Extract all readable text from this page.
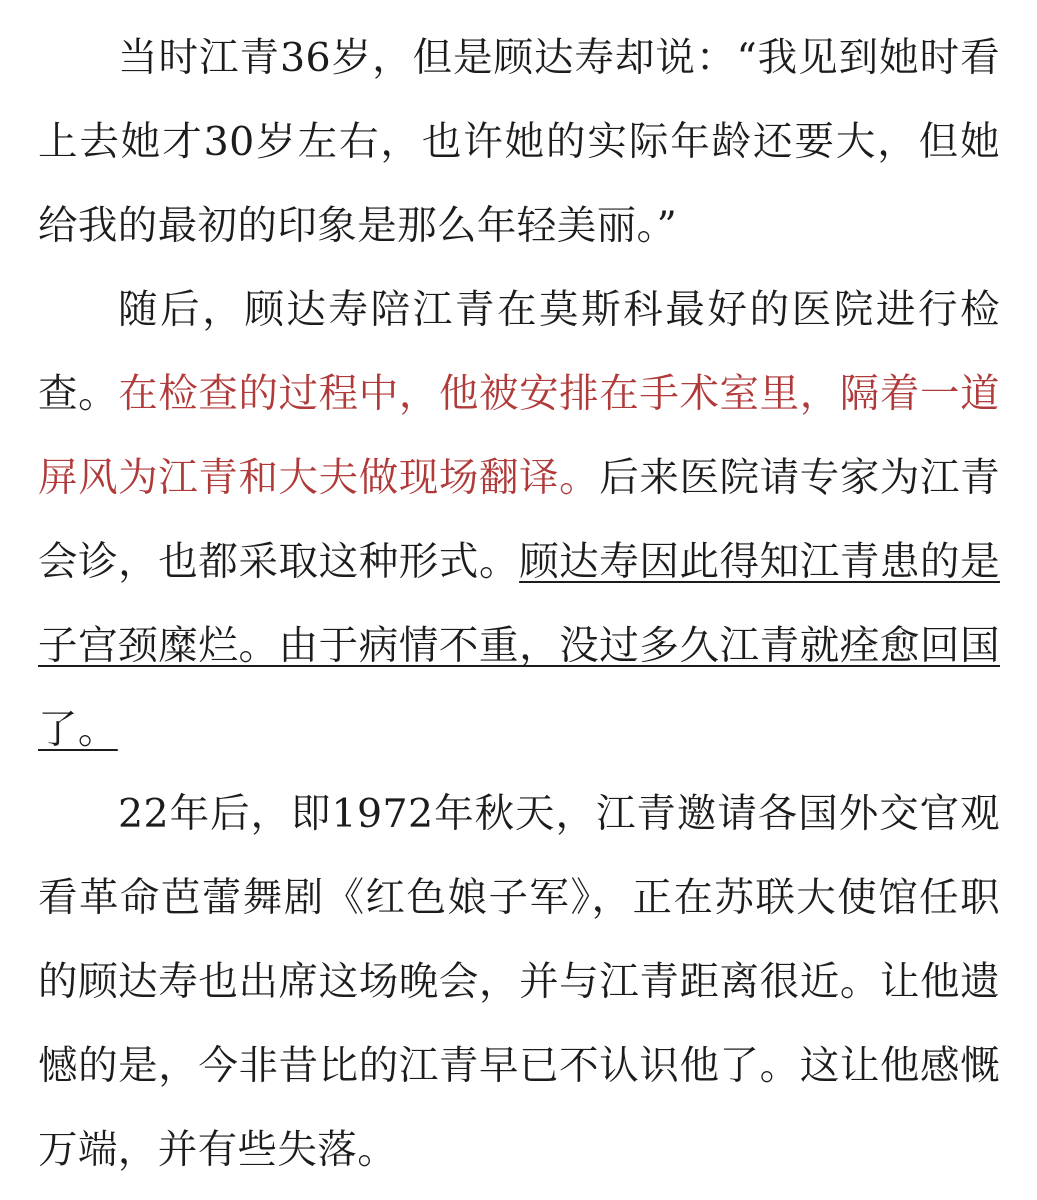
当时江青36岁，但是顾达寿却说：“我见到她时看上去她才30岁左右，也许她的实际年龄还要大，但她给我的最初的印象是那么年轻美丽。”

随后，顾达寿陪江青在莫斯科最好的医院进行检查。在检查的过程中，他被安排在手术室里，隔着一道屏风为江青和大夫做现场翻译。后来医院请专家为江青会诊，也都采取这种形式。顾达寿因此得知江青患的是子宫颈糜烂。由于病情不重，没过多久江青就痊愈回国了。

22年后，即1972年秋天，江青邀请各国外交官观看革命芭蕾舞剧《红色娘子军》，正在苏联大使馆任职的顾达寿也出席这场晚会，并与江青距离很近。让他遗憾的是，今非昔比的江青早已不认识他了。这让他感慨万端，并有些失落。
